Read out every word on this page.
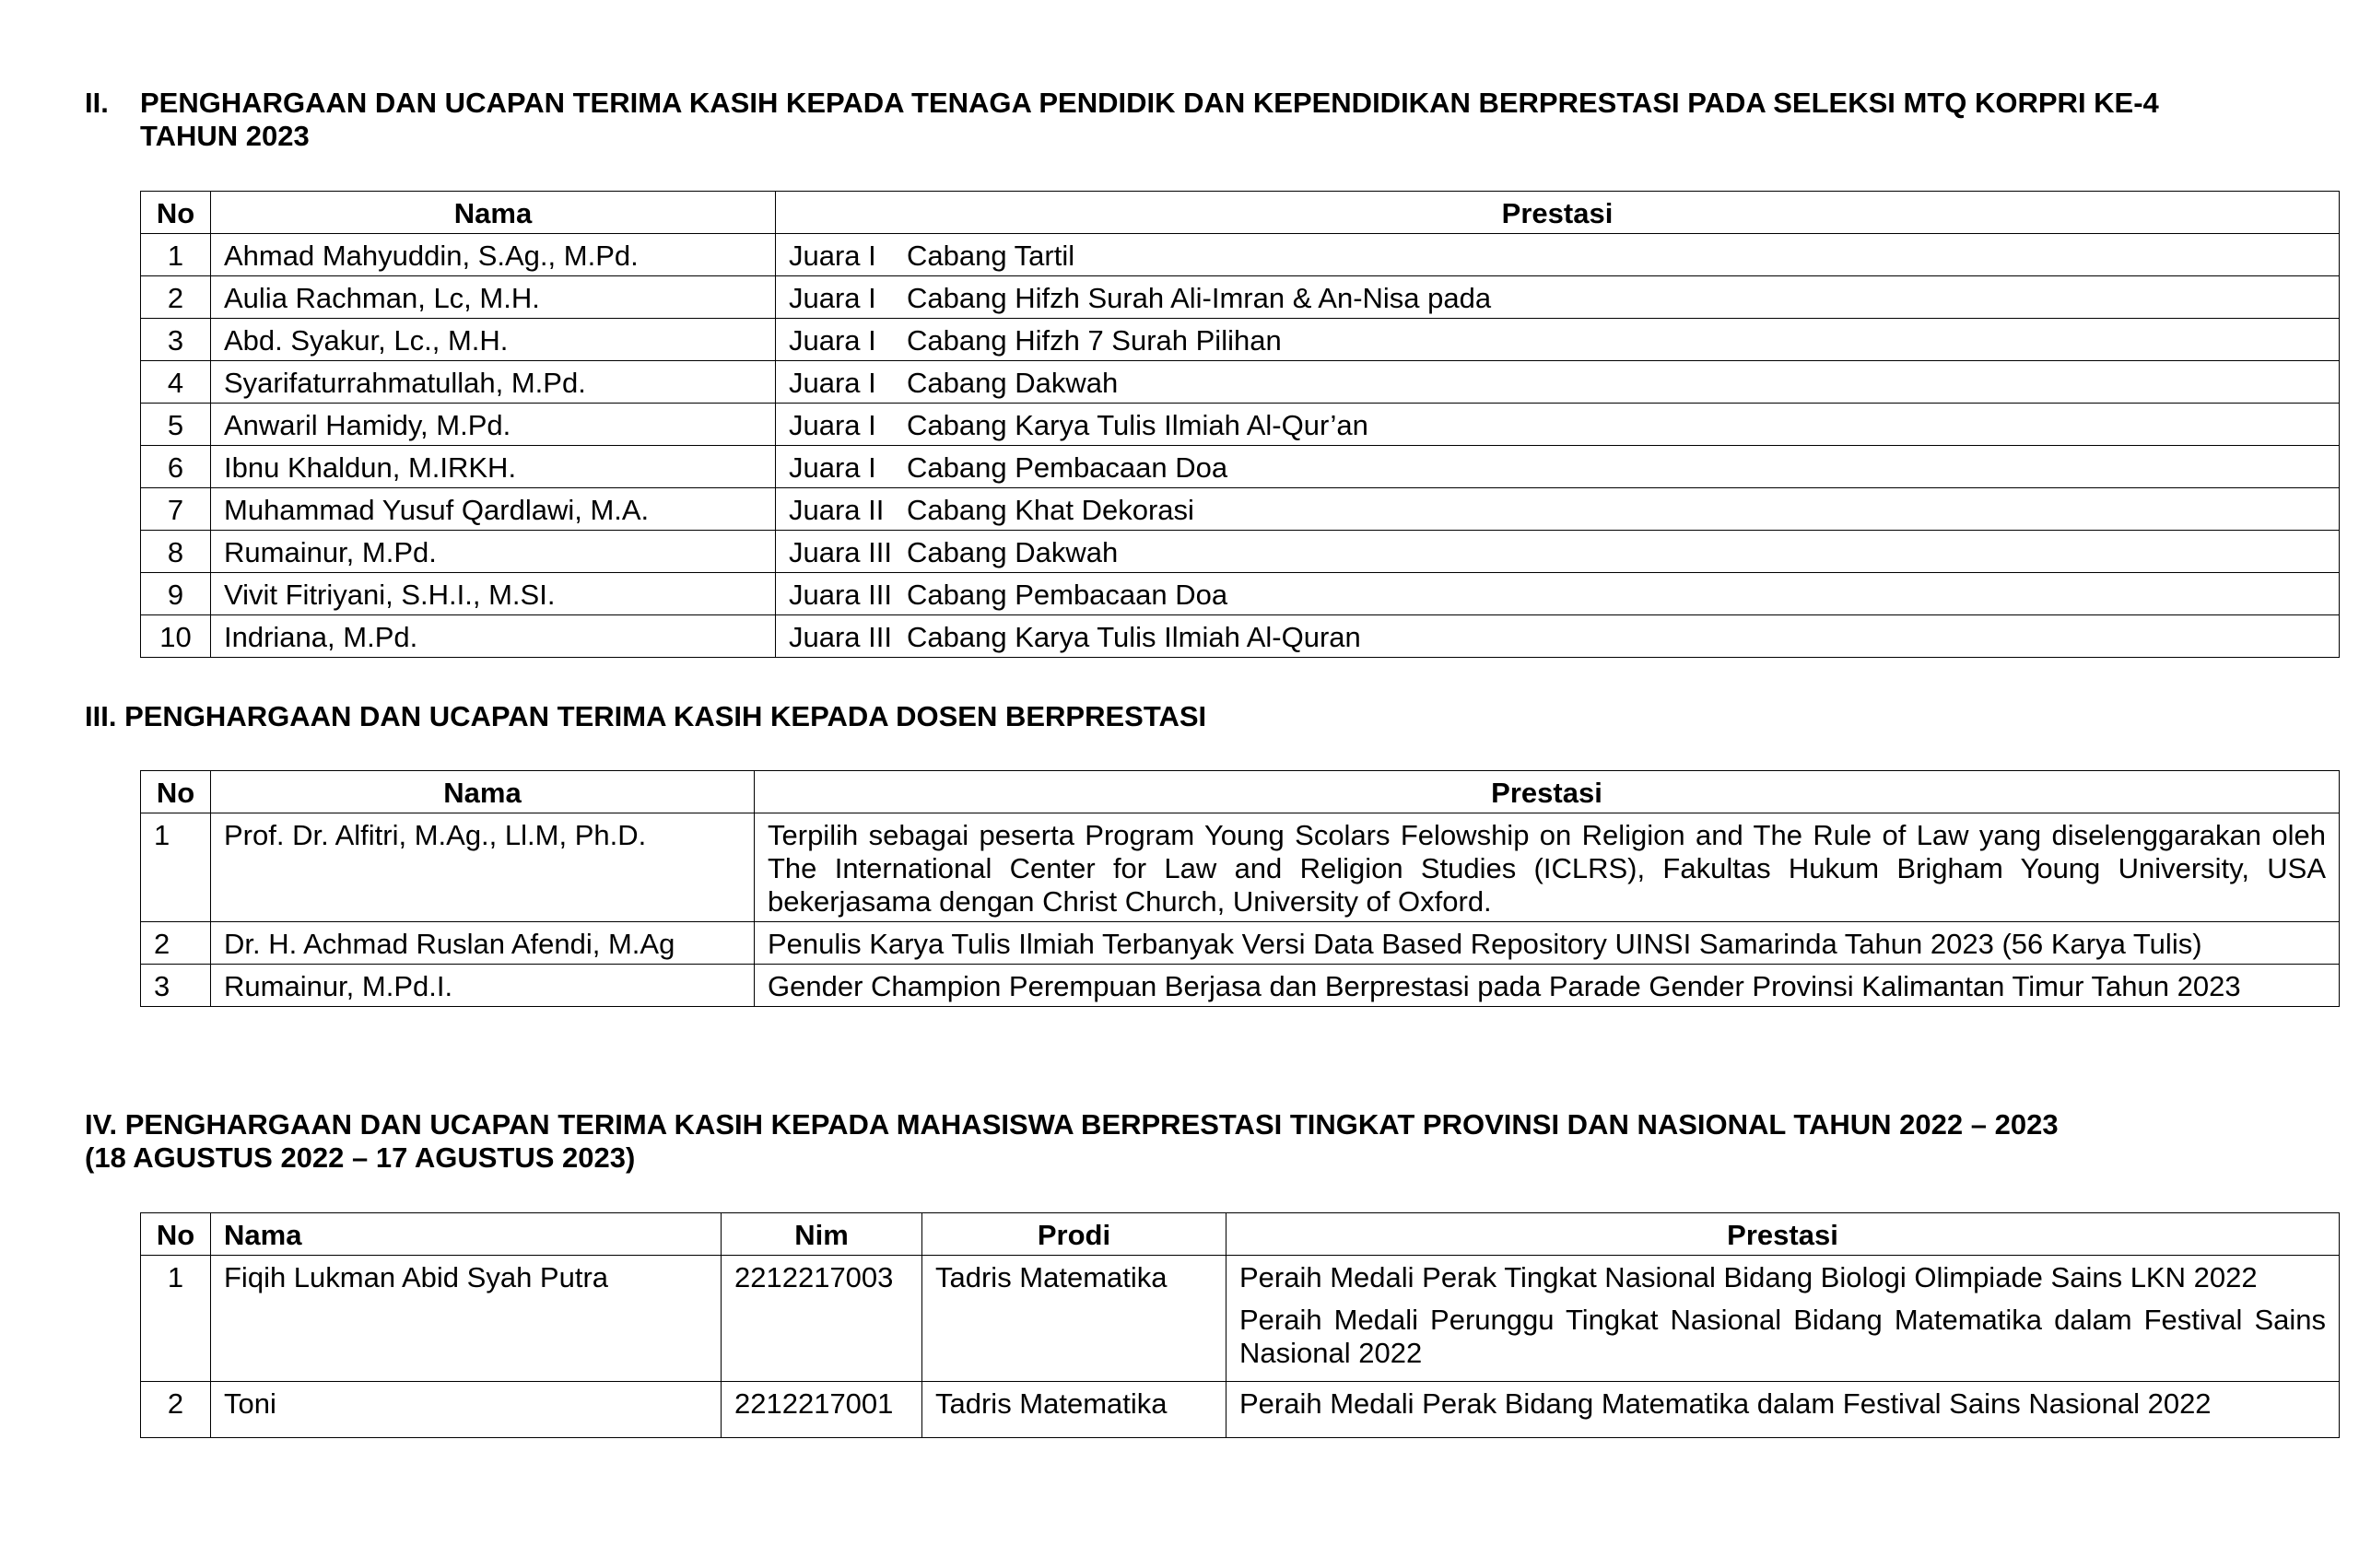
II. PENGHARGAAN DAN UCAPAN TERIMA KASIH KEPADA TENAGA PENDIDIK DAN KEPENDIDIKAN BERPRESTASI PADA SELEKSI MTQ KORPRI KE-4
TAHUN 2023
No	Nama	Prestasi
1	Ahmad Mahyuddin, S.Ag., M.Pd.	Juara I Cabang Tartil
2	Aulia Rachman, Lc, M.H.	Juara I Cabang Hifzh Surah Ali-Imran & An-Nisa pada
3	Abd. Syakur, Lc., M.H.	Juara I Cabang Hifzh 7 Surah Pilihan
4	Syarifaturrahmatullah, M.Pd.	Juara I Cabang Dakwah
5	Anwaril Hamidy, M.Pd.	Juara I Cabang Karya Tulis Ilmiah Al-Qur’an
6	Ibnu Khaldun, M.IRKH.	Juara I Cabang Pembacaan Doa
7	Muhammad Yusuf Qardlawi, M.A.	Juara II Cabang Khat Dekorasi
8	Rumainur, M.Pd.	Juara III Cabang Dakwah
9	Vivit Fitriyani, S.H.I., M.SI.	Juara III Cabang Pembacaan Doa
10	Indriana, M.Pd.	Juara III Cabang Karya Tulis Ilmiah Al-Quran
III. PENGHARGAAN DAN UCAPAN TERIMA KASIH KEPADA DOSEN BERPRESTASI
No	Nama	Prestasi
1	Prof. Dr. Alfitri, M.Ag., Ll.M, Ph.D.	Terpilih sebagai peserta Program Young Scolars Felowship on Religion and The Rule of Law yang diselenggarakan oleh The International Center for Law and Religion Studies (ICLRS), Fakultas Hukum Brigham Young University, USA bekerjasama dengan Christ Church, University of Oxford.
2	Dr. H. Achmad Ruslan Afendi, M.Ag	Penulis Karya Tulis Ilmiah Terbanyak Versi Data Based Repository UINSI Samarinda Tahun 2023 (56 Karya Tulis)
3	Rumainur, M.Pd.I.	Gender Champion Perempuan Berjasa dan Berprestasi pada Parade Gender Provinsi Kalimantan Timur Tahun 2023
IV. PENGHARGAAN DAN UCAPAN TERIMA KASIH KEPADA MAHASISWA BERPRESTASI TINGKAT PROVINSI DAN NASIONAL TAHUN 2022 – 2023
(18 AGUSTUS 2022 – 17 AGUSTUS 2023)
No	Nama	Nim	Prodi	Prestasi
1	Fiqih Lukman Abid Syah Putra	2212217003	Tadris Matematika	Peraih Medali Perak Tingkat Nasional Bidang Biologi Olimpiade Sains LKN 2022
Peraih Medali Perunggu Tingkat Nasional Bidang Matematika dalam Festival Sains Nasional 2022

2	Toni	2212217001	Tadris Matematika	Peraih Medali Perak Bidang Matematika dalam Festival Sains Nasional 2022
